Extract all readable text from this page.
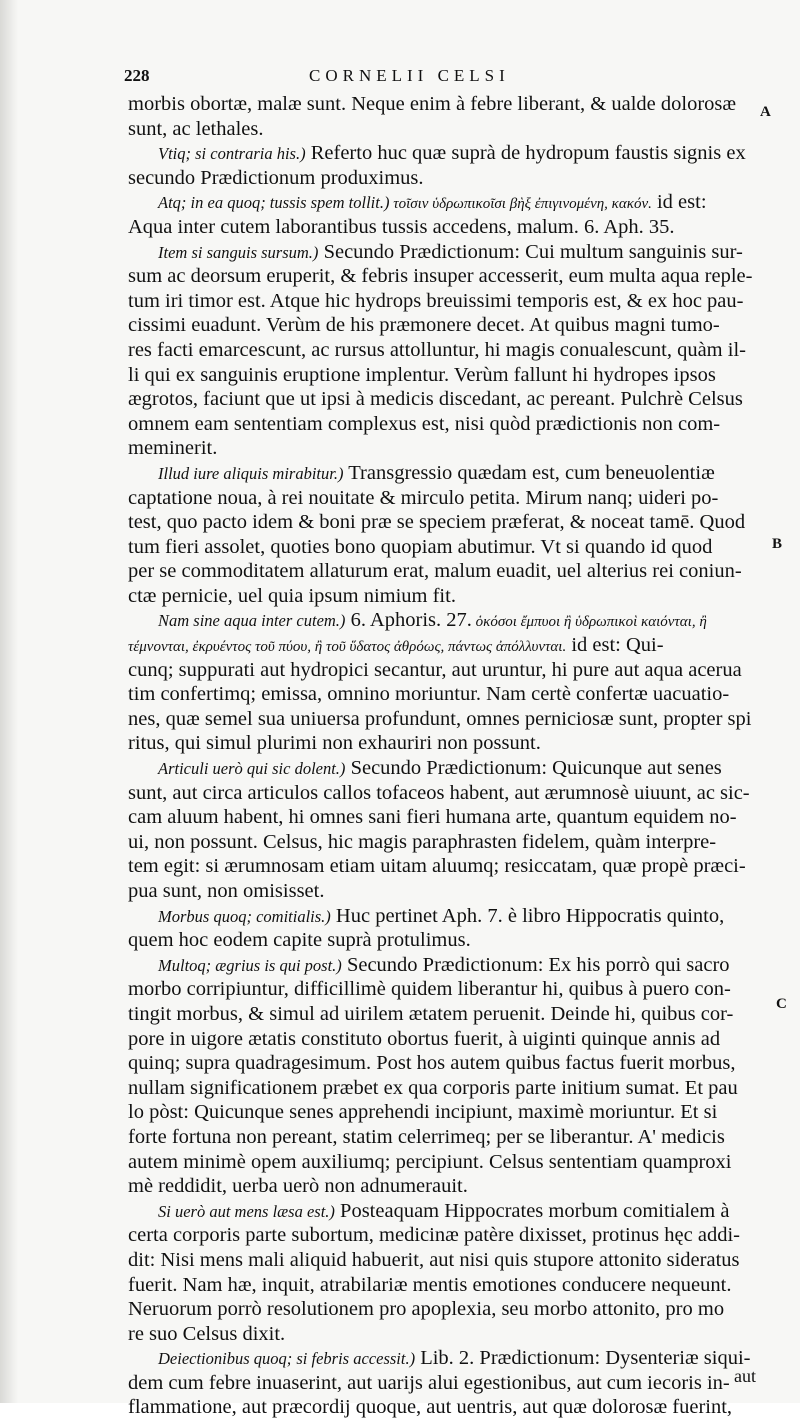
228	CORNELII CELSI
morbis obortæ, malæ sunt. Neque enim à febre liberant, & ualde dolorosæ
sunt, ac lethales.
Vtiq; si contraria his.) Referto huc quæ suprà de hydropum faustis signis ex
secundo Prædictionum produximus.
Atq; in ea quoq; tussis spem tollit.) τοῖσιν ὑδρωπικοῖσι βὴξ ἐπιγινομένη, κακόν. id est:
Aqua inter cutem laborantibus tussis accedens, malum. 6. Aph. 35.
Item si sanguis sursum.) Secundo Prædictionum: Cui multum sanguinis sur-
sum ac deorsum eruperit, & febris insuper accesserit, eum multa aqua reple-
tum iri timor est. Atque hic hydrops breuissimi temporis est, & ex hoc pau-
cissimi euadunt. Verùm de his præmonere decet. At quibus magni tumo-
res facti emarcescunt, ac rursus attolluntur, hi magis conualescunt, quàm il-
li qui ex sanguinis eruptione implentur. Verùm fallunt hi hydropes ipsos
ægrotos, faciunt que ut ipsi à medicis discedant, ac pereant. Pulchrè Celsus
omnem eam sententiam complexus est, nisi quòd prædictionis non com-
meminerit.
Illud iure aliquis mirabitur.) Transgressio quædam est, cum beneuolentiæ
captatione noua, à rei nouitate & mirculo petita. Mirum nanq; uideri po-
test, quo pacto idem & boni præ se speciem præferat, & noceat tamē. Quod
tum fieri assolet, quoties bono quopiam abutimur. Vt si quando id quod
per se commoditatem allaturum erat, malum euadit, uel alterius rei coniun-
ctæ pernicie, uel quia ipsum nimium fit.
Nam sine aqua inter cutem.) 6. Aphoris. 27. ὁκόσοι ἔμπυοι ἢ ὑδρωπικοὶ καιόνται, ἢ
τέμνονται, ἐκρυέντος τοῦ πύου, ἢ τοῦ ὕδατος ἀθρόως, πάντως ἀπόλλυνται. id est: Qui-
cunq; suppurati aut hydropici secantur, aut uruntur, hi pure aut aqua acerua
tim confertimq; emissa, omnino moriuntur. Nam certè confertæ uacuatio-
nes, quæ semel sua uniuersa profundunt, omnes perniciosæ sunt, propter spi
ritus, qui simul plurimi non exhauriri non possunt.
Articuli uerò qui sic dolent.) Secundo Prædictionum: Quicunque aut senes
sunt, aut circa articulos callos tofaceos habent, aut ærumnosè uiuunt, ac sic-
cam aluum habent, hi omnes sani fieri humana arte, quantum equidem no-
ui, non possunt. Celsus, hic magis paraphrasten fidelem, quàm interpre-
tem egit: si ærumnosam etiam uitam aluumq; resiccatam, quæ propè præci-
pua sunt, non omisisset.
Morbus quoq; comitialis.) Huc pertinet Aph. 7. è libro Hippocratis quinto,
quem hoc eodem capite suprà protulimus.
Multoq; ægrius is qui post.) Secundo Prædictionum: Ex his porrò qui sacro
morbo corripiuntur, difficillimè quidem liberantur hi, quibus à puero con-
tingit morbus, & simul ad uirilem ætatem peruenit. Deinde hi, quibus cor-
pore in uigore ætatis constituto obortus fuerit, à uiginti quinque annis ad
quinq; supra quadragesimum. Post hos autem quibus factus fuerit morbus,
nullam significationem præbet ex qua corporis parte initium sumat. Et pau
lo pòst: Quicunque senes apprehendi incipiunt, maximè moriuntur. Et si
forte fortuna non pereant, statim celerrimeq; per se liberantur. A' medicis
autem minimè opem auxiliumq; percipiunt. Celsus sententiam quamproxi
mè reddidit, uerba uerò non adnumerauit.
Si uerò aut mens læsa est.) Posteaquam Hippocrates morbum comitialem à
certa corporis parte subortum, medicinæ patère dixisset, protinus hęc addi-
dit: Nisi mens mali aliquid habuerit, aut nisi quis stupore attonito sideratus
fuerit. Nam hæ, inquit, atrabilariæ mentis emotiones conducere nequeunt.
Neruorum porrò resolutionem pro apoplexia, seu morbo attonito, pro mo
re suo Celsus dixit.
Deiectionibus quoq; si febris accessit.) Lib. 2. Prædictionum: Dysenteriæ siqui-
dem cum febre inuaserint, aut uarijs alui egestionibus, aut cum iecoris in-
flammatione, aut præcordij quoque, aut uentris, aut quæ dolorosæ fuerint,
A
B
C
aut
